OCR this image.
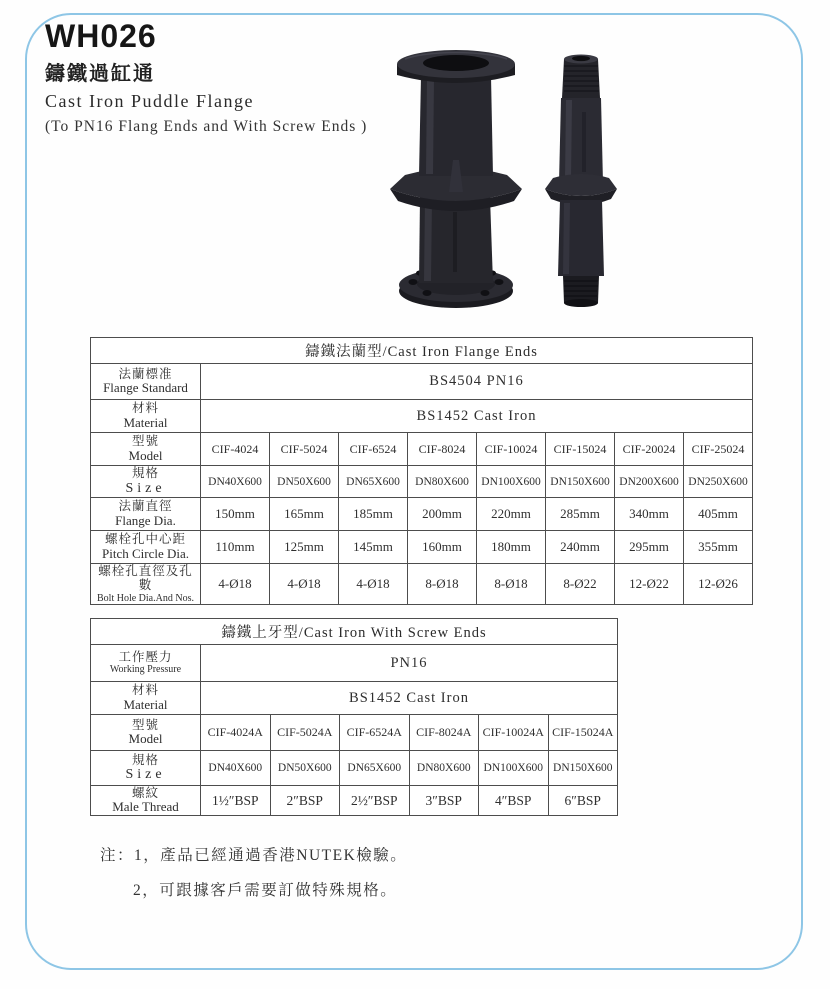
WH026
鑄鐵過缸通
Cast Iron Puddle Flange
(To PN16 Flang Ends and With Screw Ends )
鑄鐵法蘭型/Cast Iron Flange Ends								

法蘭標准
Flange Standard	BS4504 PN16							

材料
Material	BS1452 Cast Iron							

型號
Model	CIF-4024	CIF-5024	CIF-6524	CIF-8024	CIF-10024	CIF-15024	CIF-20024	CIF-25024

規格
Size	DN40X600	DN50X600	DN65X600	DN80X600	DN100X600	DN150X600	DN200X600	DN250X600

法蘭直徑
Flange Dia.	150mm	165mm	185mm	200mm	220mm	285mm	340mm	405mm

螺栓孔中心距
Pitch Circle Dia.	110mm	125mm	145mm	160mm	180mm	240mm	295mm	355mm

螺栓孔直徑及孔數
Bolt Hole Dia.And Nos.	4-Ø18	4-Ø18	4-Ø18	8-Ø18	8-Ø18	8-Ø22	12-Ø22	12-Ø26
鑄鐵上牙型/Cast Iron With Screw Ends						

工作壓力
Working Pressure	PN16					

材料
Material	BS1452 Cast Iron					

型號
Model	CIF-4024A	CIF-5024A	CIF-6524A	CIF-8024A	CIF-10024A	CIF-15024A

規格
Size	DN40X600	DN50X600	DN65X600	DN80X600	DN100X600	DN150X600

螺紋
Male Thread	1½″BSP	2″BSP	2½″BSP	3″BSP	4″BSP	6″BSP
注：1，產品已經通過香港NUTEK檢驗。
2，可跟據客戶需要訂做特殊規格。
